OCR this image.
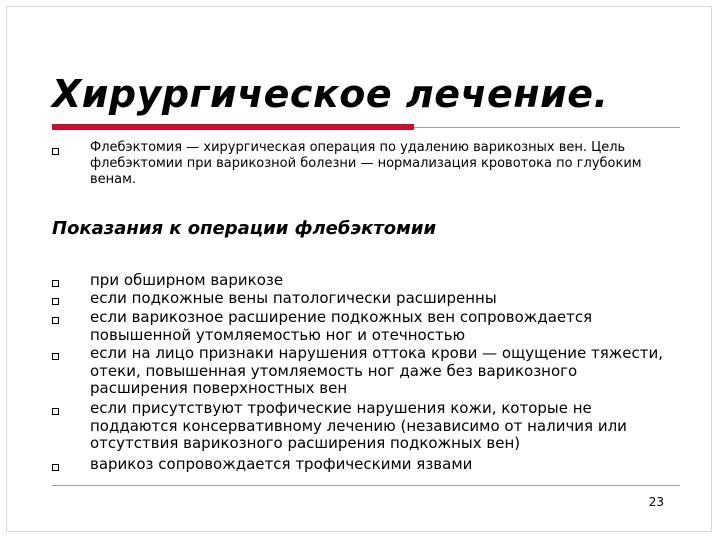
Хирургическое лечение.

Флебэктомия — хирургическая операция по удалению варикозных вен. Цель флебэктомии при варикозной болезни — нормализация кровотока по глубоким венам.

Показания к операции флебэктомии

при обширном варикозе

если подкожные вены патологически расширенны

если варикозное расширение подкожных вен сопровождается повышенной утомляемостью ног и отечностью

если на лицо признаки нарушения оттока крови — ощущение тяжести, отеки, повышенная утомляемость ног даже без варикозного расширения поверхностных вен

если присутствуют трофические нарушения кожи, которые не поддаются консервативному лечению (независимо от наличия или отсутствия варикозного расширения подкожных вен)

варикоз сопровождается трофическими язвами

23
